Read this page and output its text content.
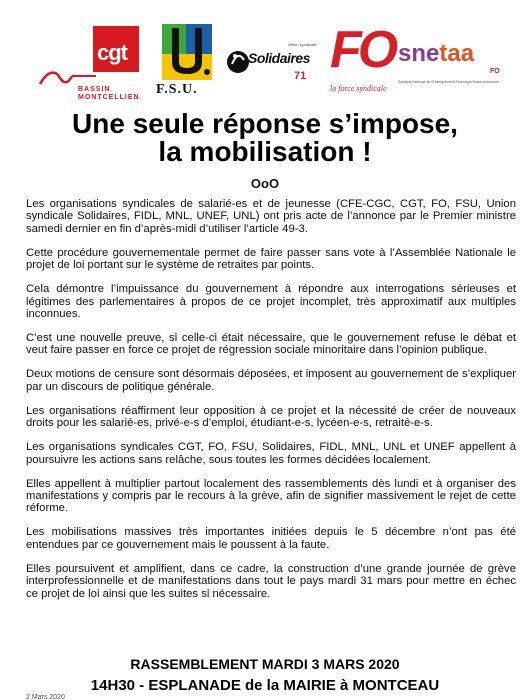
cgt
BASSIN
MONTCELLIEN
F.S.U.
Union syndicale
Solidaires
71 FO
la force syndicale
snetaa
FO
Syndicat National de l'Enseignement Technique Action Autonome
Une seule réponse s’impose,
la mobilisation !
OoO

Les organisations syndicales de salarié-es et de jeunesse (CFE-CGC, CGT, FO, FSU, Union syndicale Solidaires, FIDL, MNL, UNEF, UNL) ont pris acte de l’annonce par le Premier ministre samedi dernier en fin d’après-midi d’utiliser l’article 49-3.

Cette procédure gouvernementale permet de faire passer sans vote à l’Assemblée Nationale le projet de loi portant sur le système de retraites par points.

Cela démontre l’impuissance du gouvernement à répondre aux interrogations sérieuses et légitimes des parlementaires à propos de ce projet incomplet, très approximatif aux multiples inconnues.

C’est une nouvelle preuve, si celle-ci était nécessaire, que le gouvernement refuse le débat et veut faire passer en force ce projet de régression sociale minoritaire dans l’opinion publique.

Deux motions de censure sont désormais déposées, et imposent au gouvernement de s’expliquer par un discours de politique générale.

Les organisations réaffirment leur opposition à ce projet et la nécessité de créer de nouveaux droits pour les salarié-es, privé-e-s d’emploi, étudiant-e-s, lycéen-e-s, retraité-e-s.

Les organisations syndicales CGT, FO, FSU, Solidaires, FIDL, MNL, UNL et UNEF appellent à poursuivre les actions sans relâche, sous toutes les formes décidées localement.

Elles appellent à multiplier partout localement des rassemblements dès lundi et à organiser des manifestations y compris par le recours à la grève, afin de signifier massivement le rejet de cette réforme.

Les mobilisations massives très importantes initiées depuis le 5 décembre n’ont pas été entendues par ce gouvernement mais le poussent à la faute.

Elles poursuivent et amplifient, dans ce cadre, la construction d’une grande journée de grève interprofessionnelle et de manifestations dans tout le pays mardi 31 mars pour mettre en échec ce projet de loi ainsi que les suites si nécessaire.

RASSEMBLEMENT MARDI 3 MARS 2020
14H30 - ESPLANADE de la MAIRIE à MONTCEAU
2 Mars 2020
